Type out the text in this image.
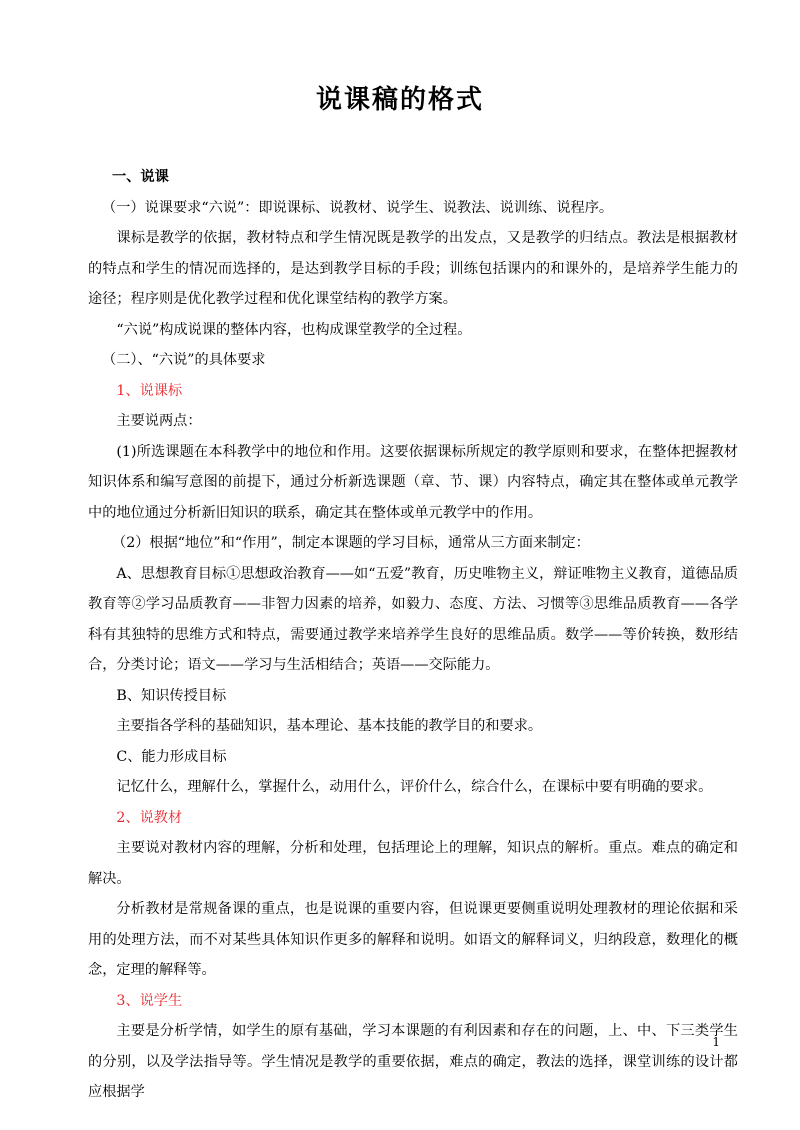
说课稿的格式

一、说课

（一）说课要求“六说”：即说课标、说教材、说学生、说教法、说训练、说程序。

课标是教学的依据，教材特点和学生情况既是教学的出发点，又是教学的归结点。教法是根据教材的特点和学生的情况而选择的，是达到教学目标的手段；训练包括课内的和课外的，是培养学生能力的途径；程序则是优化教学过程和优化课堂结构的教学方案。

“六说”构成说课的整体内容，也构成课堂教学的全过程。

（二）、“六说”的具体要求

1、说课标

主要说两点：

(1)所选课题在本科教学中的地位和作用。这要依据课标所规定的教学原则和要求，在整体把握教材知识体系和编写意图的前提下，通过分析新选课题（章、节、课）内容特点，确定其在整体或单元教学中的地位通过分析新旧知识的联系，确定其在整体或单元教学中的作用。

（2）根据“地位”和“作用”，制定本课题的学习目标，通常从三方面来制定：

A、思想教育目标①思想政治教育——如“五爱”教育，历史唯物主义，辩证唯物主义教育，道德品质教育等②学习品质教育——非智力因素的培养，如毅力、态度、方法、习惯等③思维品质教育——各学科有其独特的思维方式和特点，需要通过教学来培养学生良好的思维品质。数学——等价转换，数形结合，分类讨论；语文——学习与生活相结合；英语——交际能力。

B、知识传授目标

主要指各学科的基础知识，基本理论、基本技能的教学目的和要求。

C、能力形成目标

记忆什么，理解什么，掌握什么，动用什么，评价什么，综合什么，在课标中要有明确的要求。

2、说教材

主要说对教材内容的理解，分析和处理，包括理论上的理解，知识点的解析。重点。难点的确定和解决。

分析教材是常规备课的重点，也是说课的重要内容，但说课更要侧重说明处理教材的理论依据和采用的处理方法，而不对某些具体知识作更多的解释和说明。如语文的解释词义，归纳段意，数理化的概念，定理的解释等。

3、说学生

主要是分析学情，如学生的原有基础，学习本课题的有利因素和存在的问题，上、中、下三类学生的分别，以及学法指导等。学生情况是教学的重要依据，难点的确定，教法的选择，课堂训练的设计都应根据学

1
